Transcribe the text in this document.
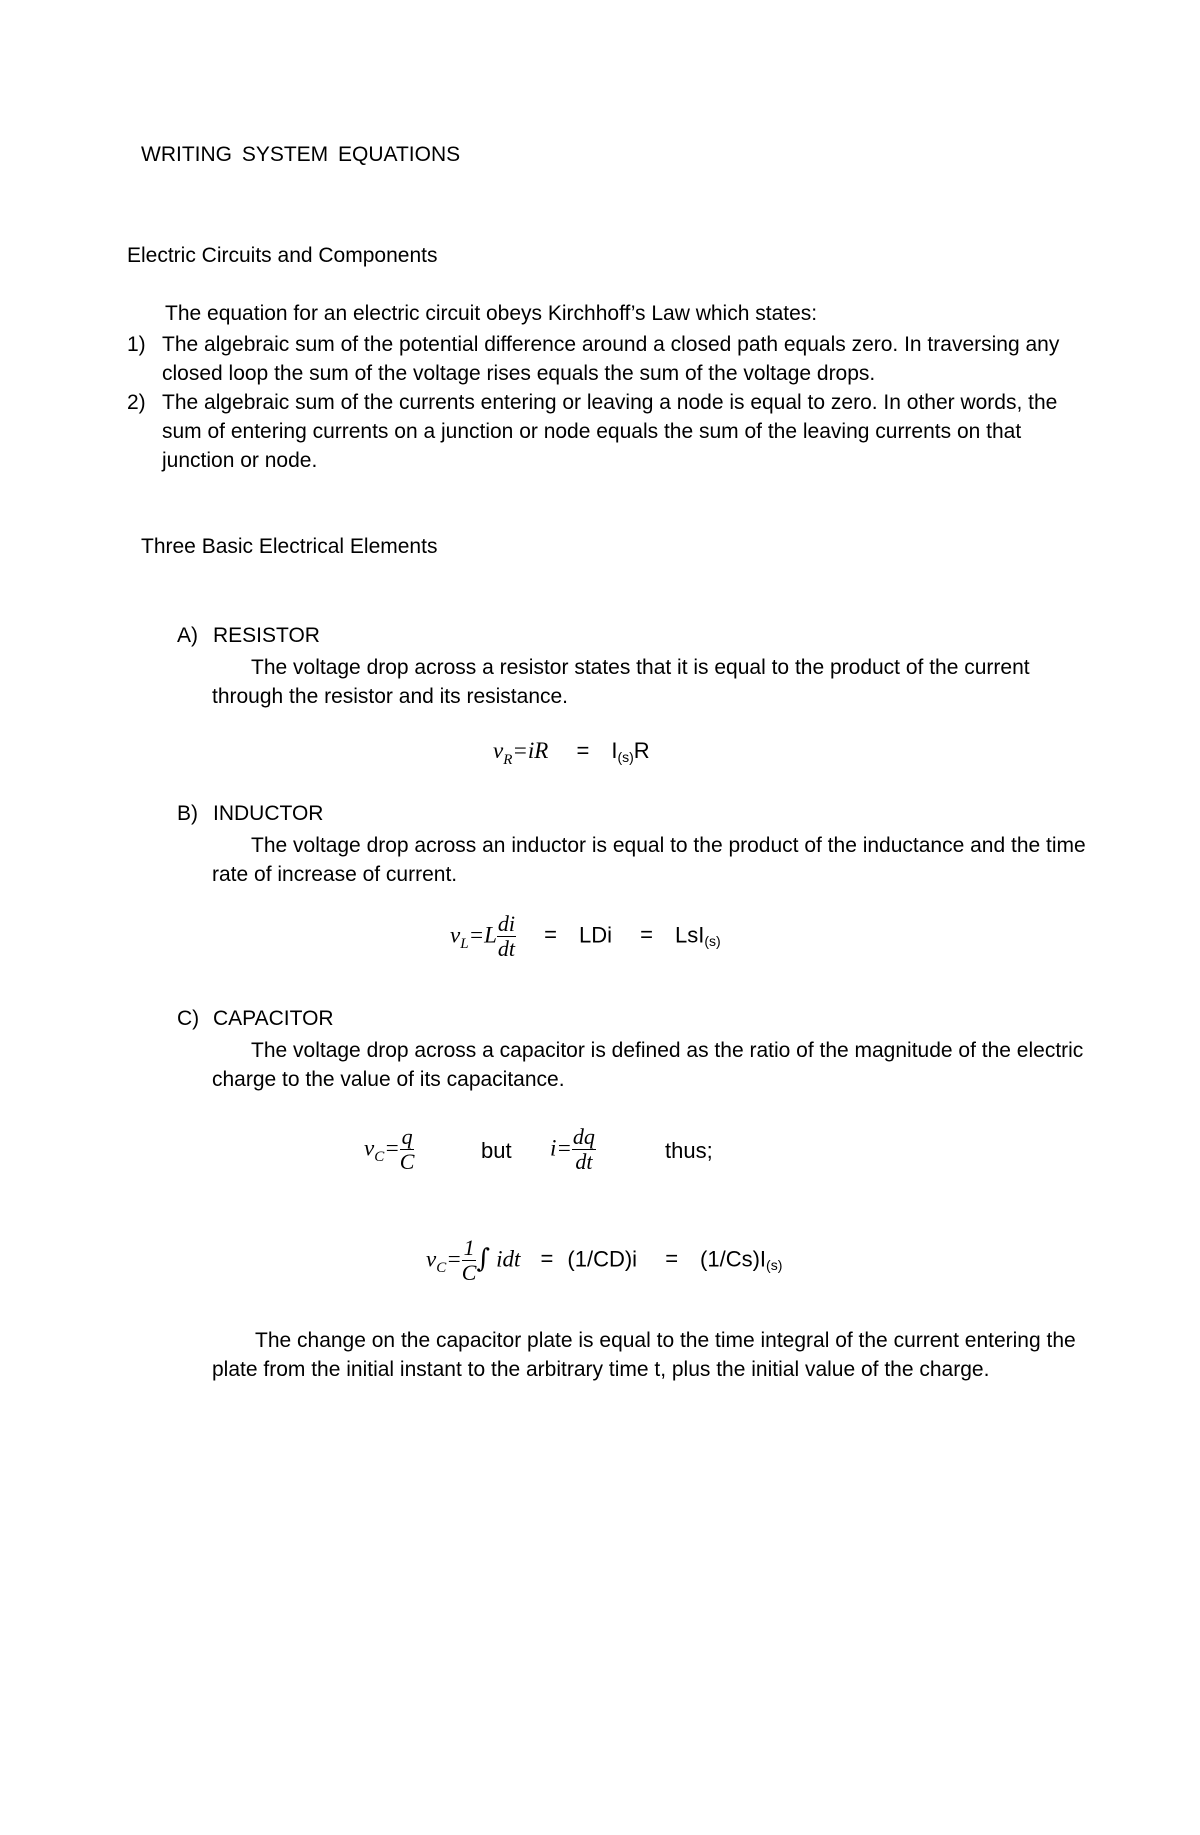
WRITING SYSTEM EQUATIONS
Electric Circuits and Components
The equation for an electric circuit obeys Kirchhoff’s Law which states:
1) The algebraic sum of the potential difference around a closed path equals zero. In traversing any closed loop the sum of the voltage rises equals the sum of the voltage drops.
2) The algebraic sum of the currents entering or leaving a node is equal to zero. In other words, the sum of entering currents on a junction or node equals the sum of the leaving currents on that junction or node.
Three Basic Electrical Elements
A) RESISTOR
The voltage drop across a resistor states that it is equal to the product of the current through the resistor and its resistance.
$v_R=iR = I(s)R$
B) INDUCTOR
The voltage drop across an inductor is equal to the product of the inductance and the time rate of increase of current.
$v_L=L \frac{di}{dt}$ = LDi = LsI(s)
C) CAPACITOR
The voltage drop across a capacitor is defined as the ratio of the magnitude of the electric charge to the value of its capacitance.
$v_C= \frac{q}{C}$	but $i= \frac{dq}{dt}$	thus;
$v_C= \frac{1}{C}$ ∫ idt = (1/CD)i = (1/Cs)I(s)
The change on the capacitor plate is equal to the time integral of the current entering the plate from the initial instant to the arbitrary time t, plus the initial value of the charge.
